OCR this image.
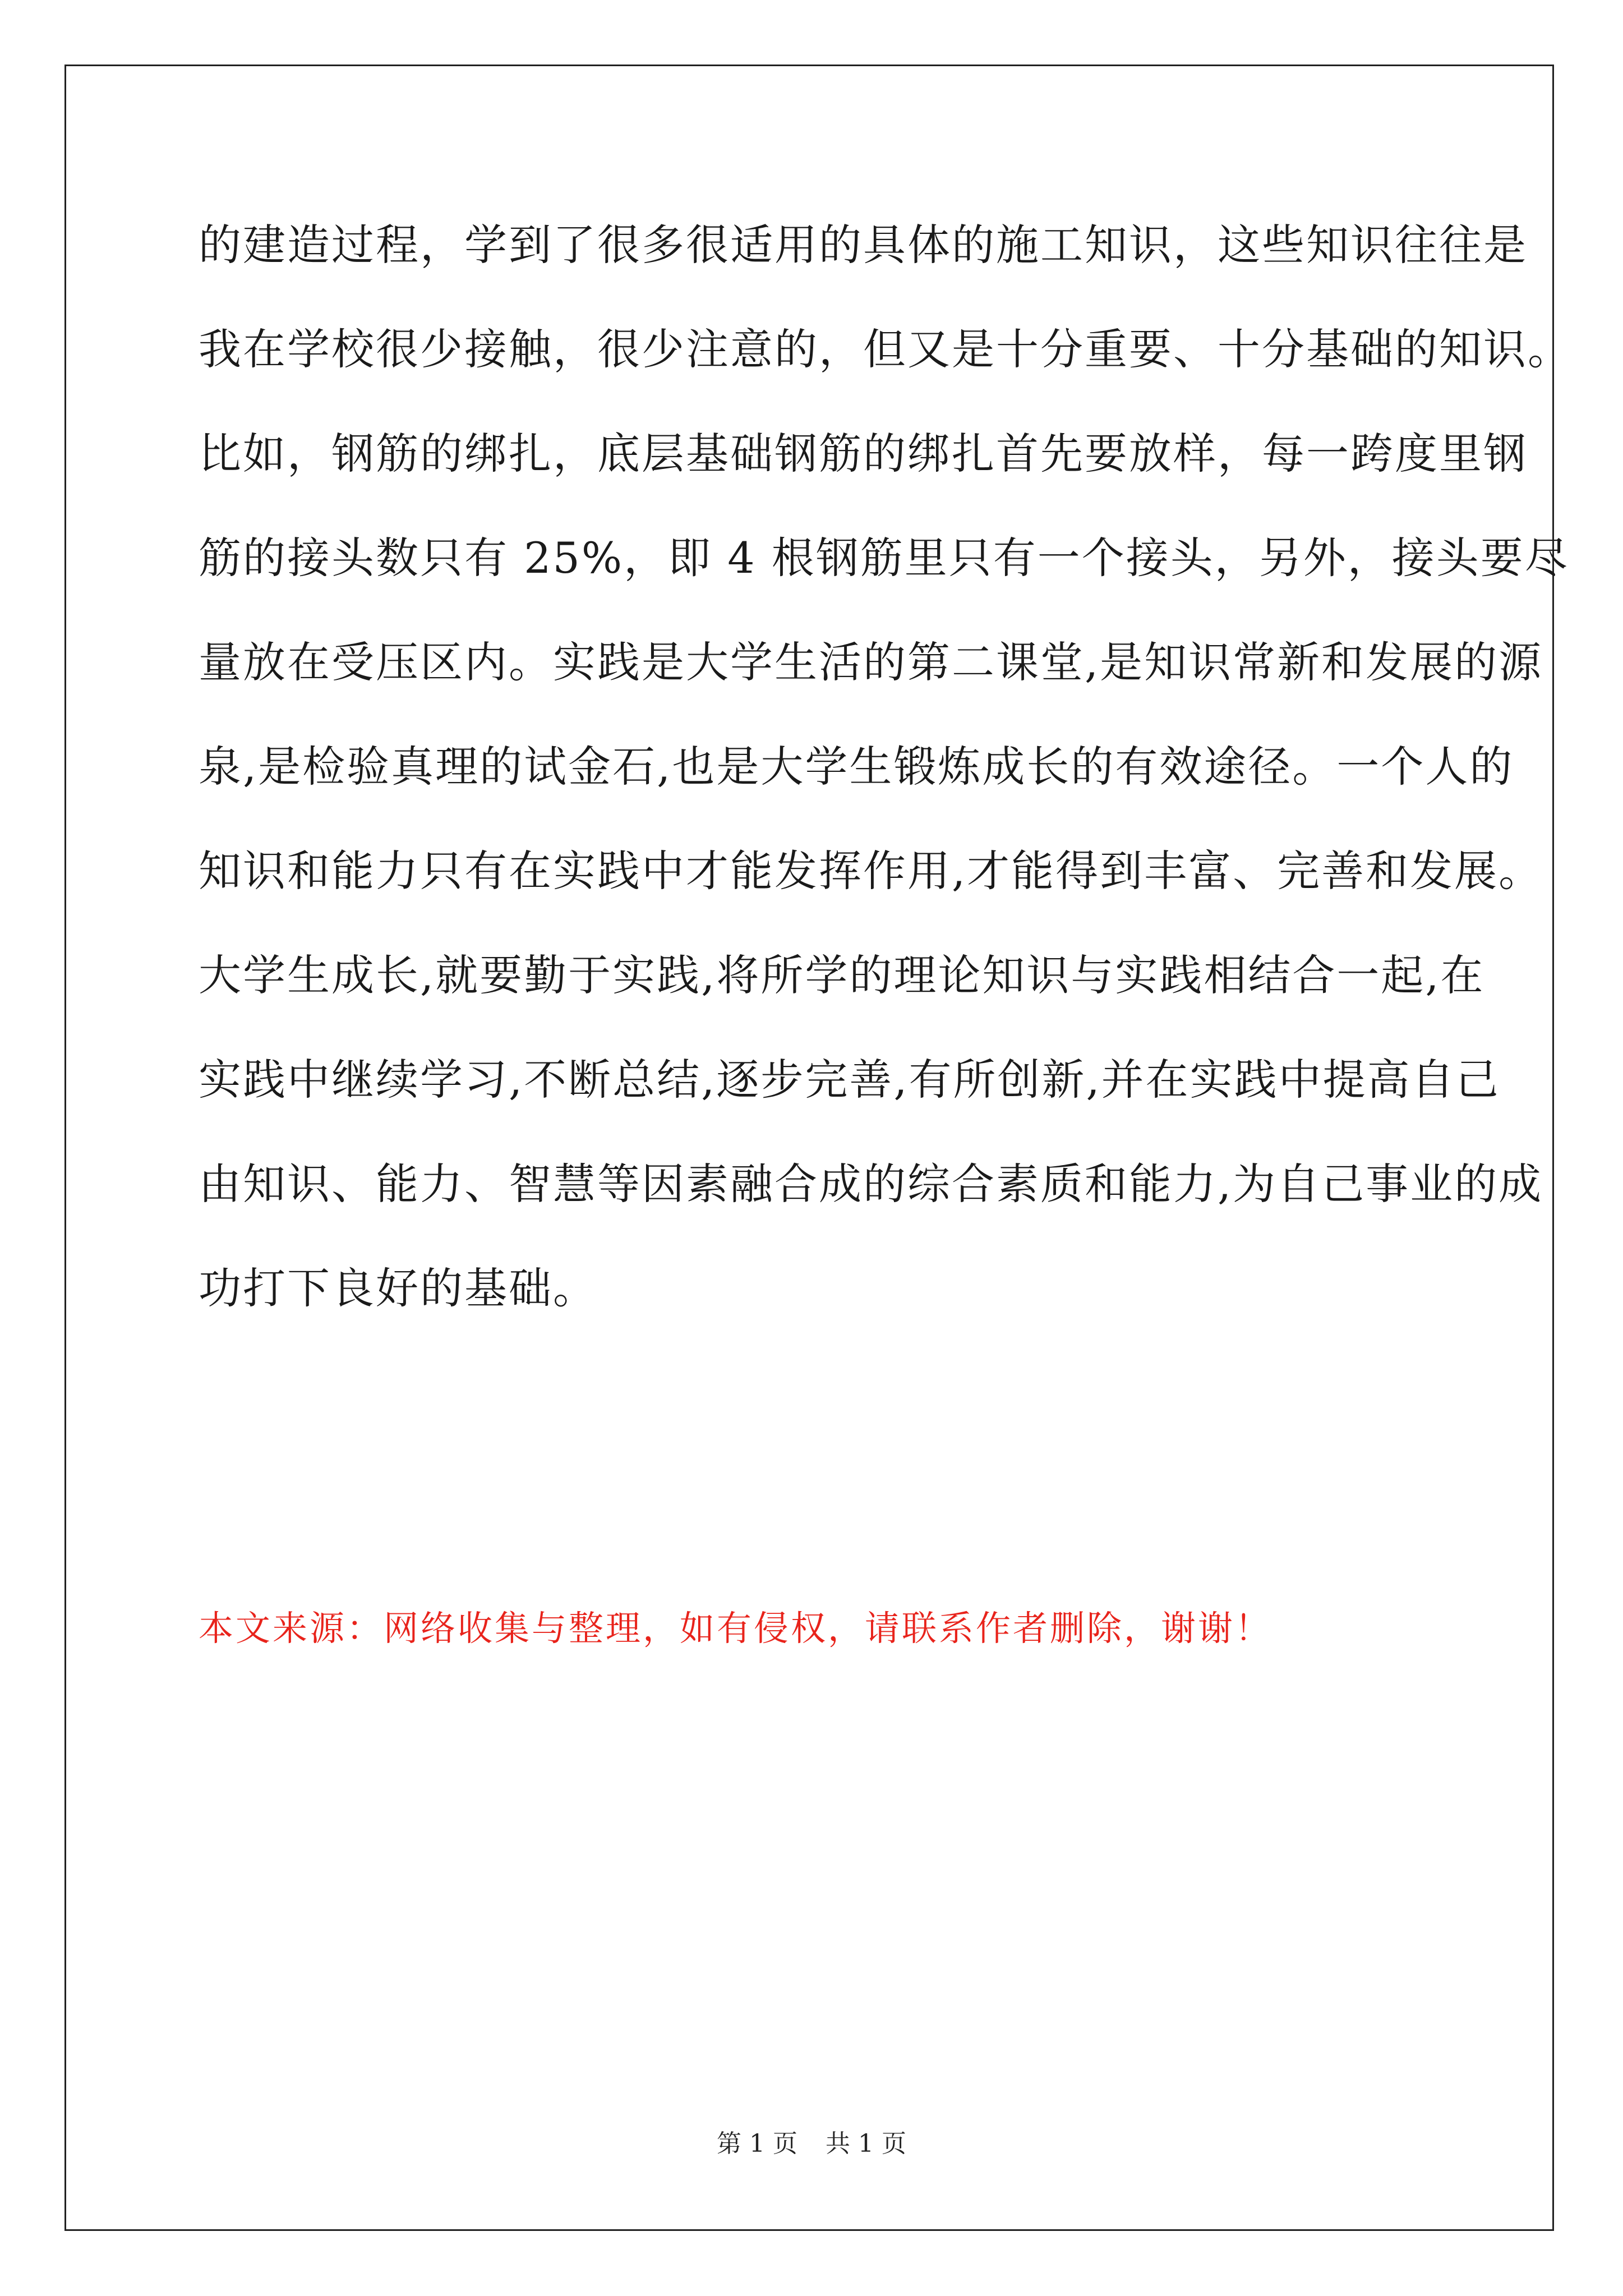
的建造过程，学到了很多很适用的具体的施工知识，这些知识往往是
我在学校很少接触，很少注意的，但又是十分重要、十分基础的知识。
比如，钢筋的绑扎，底层基础钢筋的绑扎首先要放样，每一跨度里钢
筋的接头数只有 25%，即 4 根钢筋里只有一个接头，另外，接头要尽
量放在受压区内。实践是大学生活的第二课堂,是知识常新和发展的源
泉,是检验真理的试金石,也是大学生锻炼成长的有效途径。一个人的
知识和能力只有在实践中才能发挥作用,才能得到丰富、完善和发展。
大学生成长,就要勤于实践,将所学的理论知识与实践相结合一起,在
实践中继续学习,不断总结,逐步完善,有所创新,并在实践中提高自己
由知识、能力、智慧等因素融合成的综合素质和能力,为自己事业的成
功打下良好的基础。
本文来源：网络收集与整理，如有侵权，请联系作者删除，谢谢！
第 1 页 共 1 页
